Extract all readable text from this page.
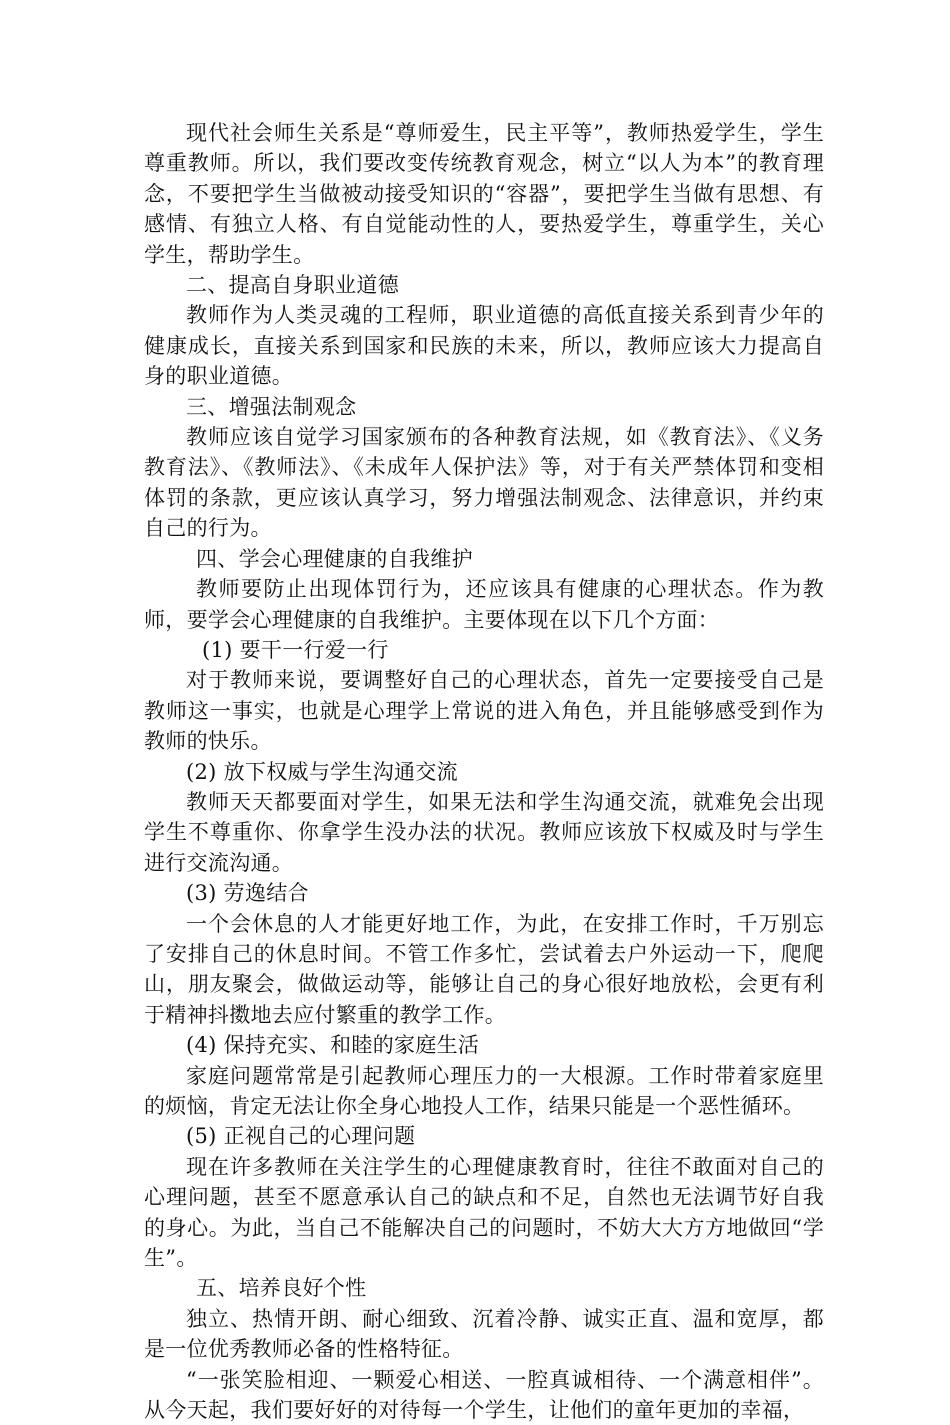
现代社会师生关系是“尊师爱生，民主平等”，教师热爱学生，学生尊重教师。所以，我们要改变传统教育观念，树立“以人为本”的教育理念，不要把学生当做被动接受知识的“容器”，要把学生当做有思想、有感情、有独立人格、有自觉能动性的人，要热爱学生，尊重学生，关心学生，帮助学生。

二、提高自身职业道德

教师作为人类灵魂的工程师，职业道德的高低直接关系到青少年的健康成长，直接关系到国家和民族的未来，所以，教师应该大力提高自身的职业道德。

三、增强法制观念

教师应该自觉学习国家颁布的各种教育法规，如《教育法》、《义务教育法》、《教师法》、《未成年人保护法》等，对于有关严禁体罚和变相体罚的条款，更应该认真学习，努力增强法制观念、法律意识，并约束自己的行为。

四、学会心理健康的自我维护

教师要防止出现体罚行为，还应该具有健康的心理状态。作为教师，要学会心理健康的自我维护。主要体现在以下几个方面：

(1) 要干一行爱一行

对于教师来说，要调整好自己的心理状态，首先一定要接受自己是教师这一事实，也就是心理学上常说的进入角色，并且能够感受到作为教师的快乐。

(2) 放下权威与学生沟通交流

教师天天都要面对学生，如果无法和学生沟通交流，就难免会出现学生不尊重你、你拿学生没办法的状况。教师应该放下权威及时与学生进行交流沟通。

(3) 劳逸结合

一个会休息的人才能更好地工作，为此，在安排工作时，千万别忘了安排自己的休息时间。不管工作多忙，尝试着去户外运动一下，爬爬山，朋友聚会，做做运动等，能够让自己的身心很好地放松，会更有利于精神抖擞地去应付繁重的教学工作。

(4) 保持充实、和睦的家庭生活

家庭问题常常是引起教师心理压力的一大根源。工作时带着家庭里的烦恼，肯定无法让你全身心地投人工作，结果只能是一个恶性循环。

(5) 正视自己的心理问题

现在许多教师在关注学生的心理健康教育时，往往不敢面对自己的心理问题，甚至不愿意承认自己的缺点和不足，自然也无法调节好自我的身心。为此，当自己不能解决自己的问题时，不妨大大方方地做回“学生”。

五、培养良好个性

独立、热情开朗、耐心细致、沉着冷静、诚实正直、温和宽厚，都是一位优秀教师必备的性格特征。

“一张笑脸相迎、一颗爱心相送、一腔真诚相待、一个满意相伴”。从今天起，我们要好好的对待每一个学生，让他们的童年更加的幸福，
